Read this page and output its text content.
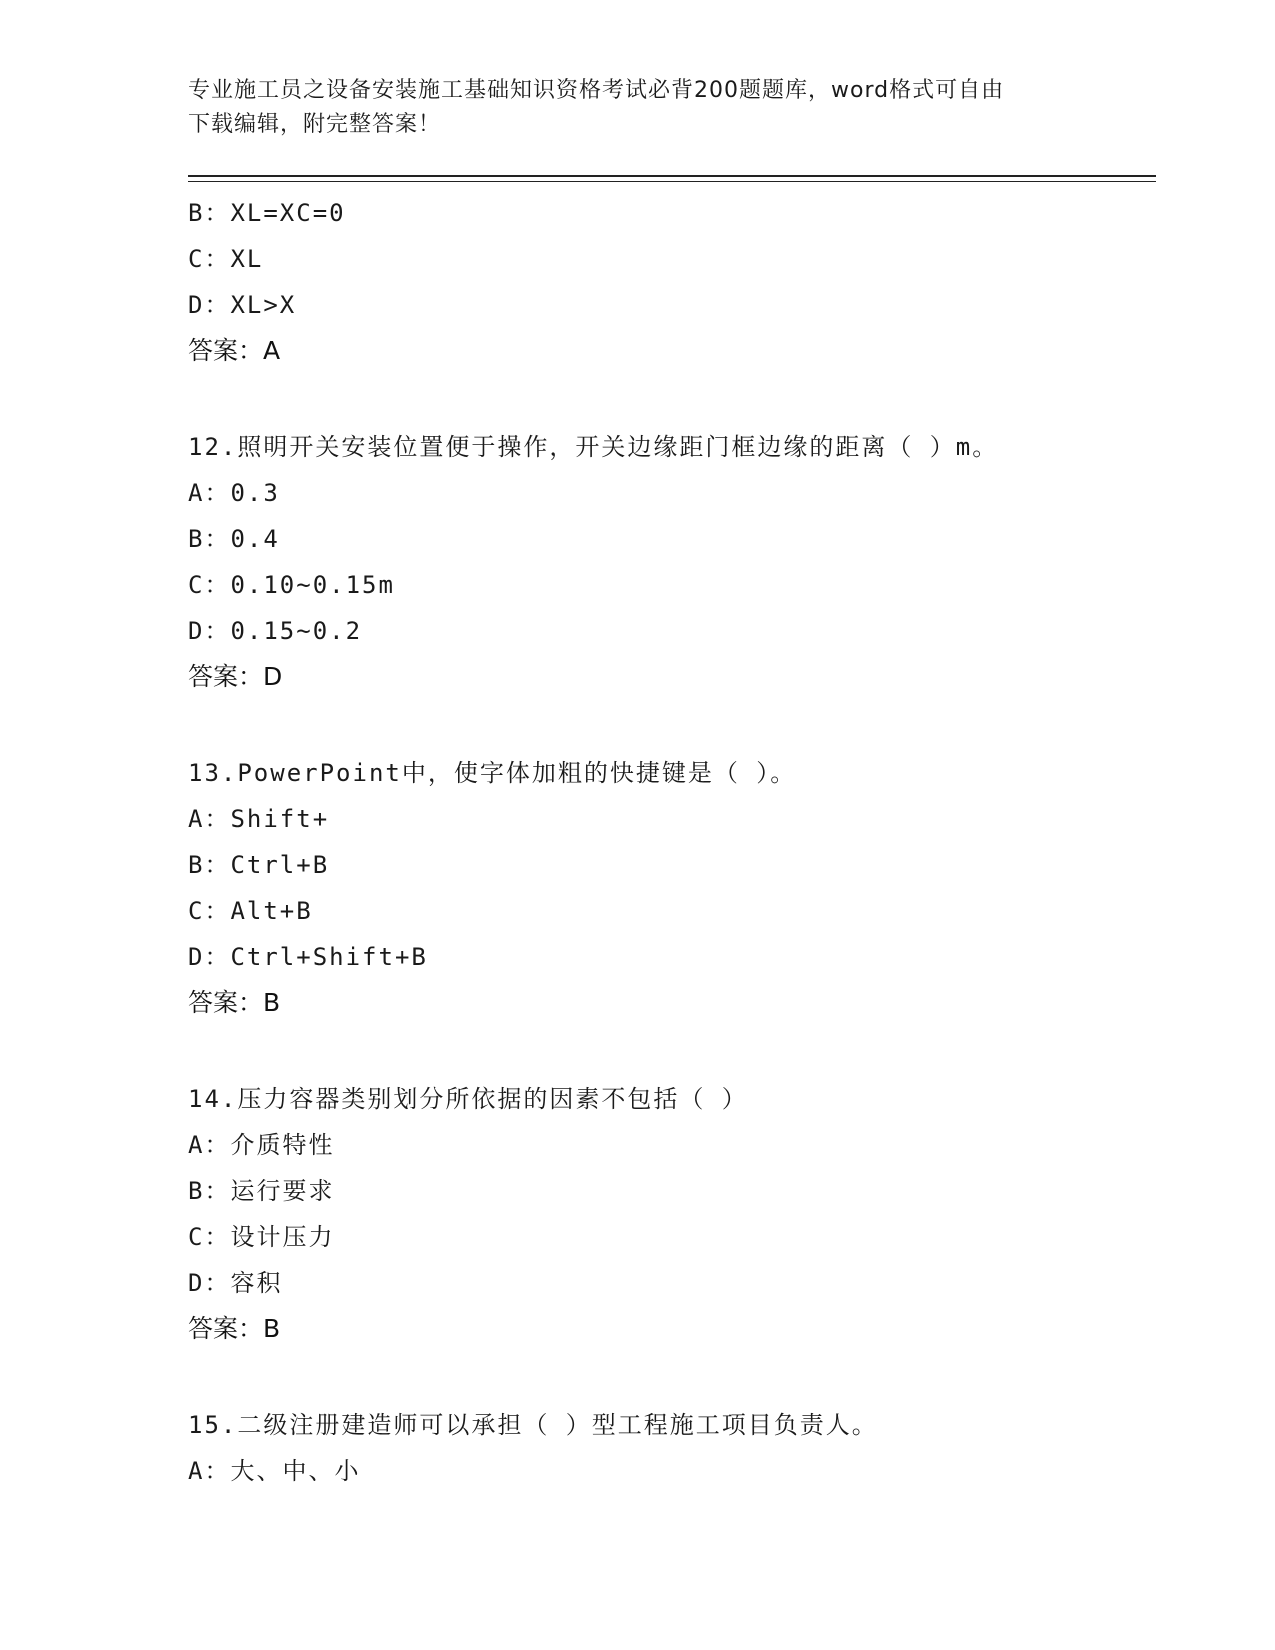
专业施工员之设备安装施工基础知识资格考试必背200题题库，word格式可自由
下载编辑，附完整答案！
B：XL=XC=0
C：XL
D：XL>X
答案：A
12.照明开关安装位置便于操作，开关边缘距门框边缘的距离（ ）m。
A：0.3
B：0.4
C：0.10~0.15m
D：0.15~0.2
答案：D
13.PowerPoint中，使字体加粗的快捷键是（ ）。
A：Shift+
B：Ctrl+B
C：Alt+B
D：Ctrl+Shift+B
答案：B
14.压力容器类别划分所依据的因素不包括（ ）
A：介质特性
B：运行要求
C：设计压力
D：容积
答案：B
15.二级注册建造师可以承担（ ）型工程施工项目负责人。
A：大、中、小
